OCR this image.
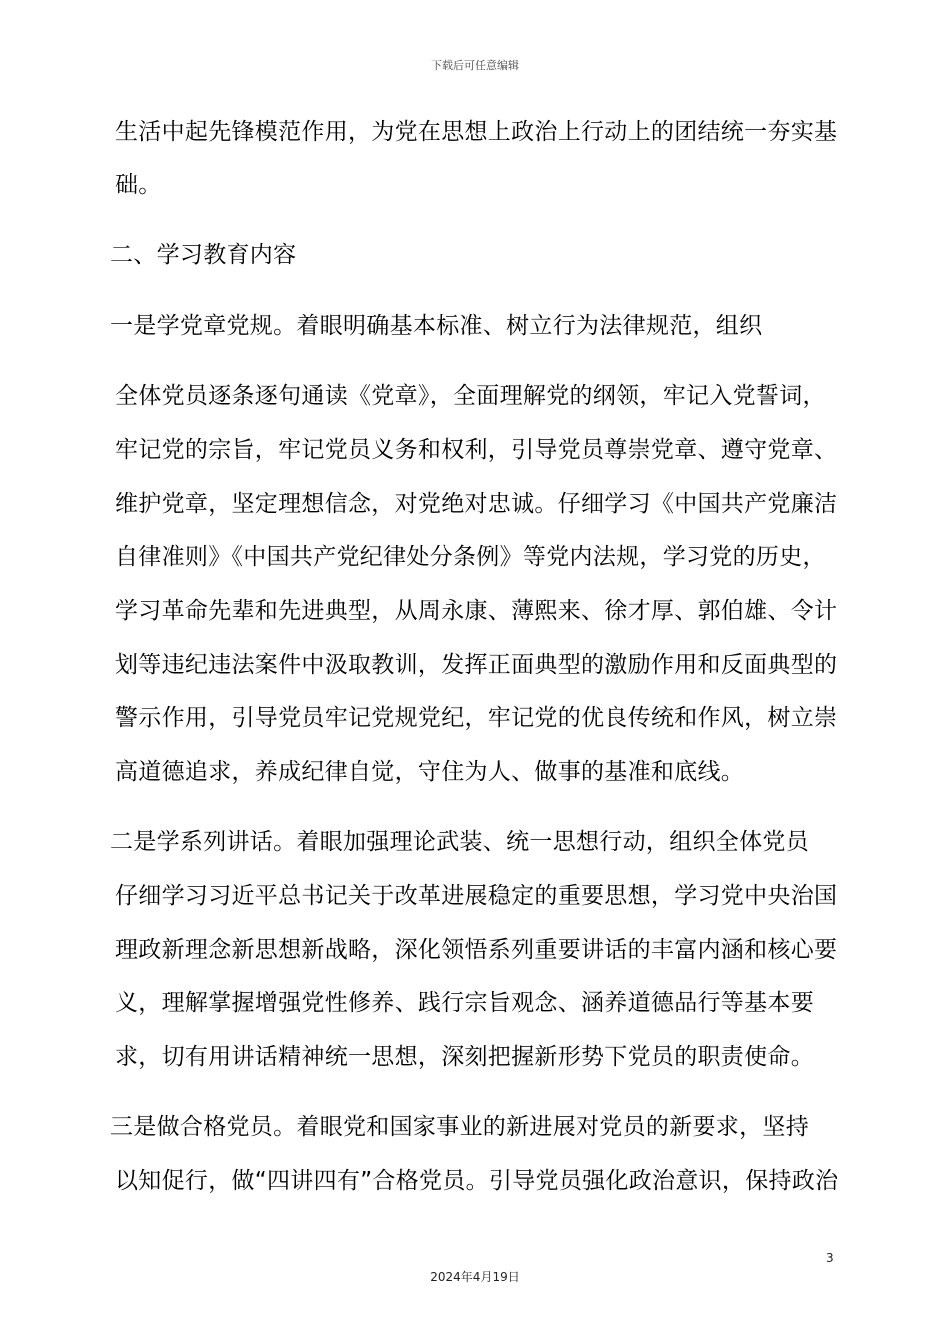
下载后可任意编辑
生活中起先锋模范作用，为党在思想上政治上行动上的团结统一夯实基
础。
二、学习教育内容
一是学党章党规。着眼明确基本标准、树立行为法律规范，组织
全体党员逐条逐句通读《党章》，全面理解党的纲领，牢记入党誓词，
牢记党的宗旨，牢记党员义务和权利，引导党员尊崇党章、遵守党章、
维护党章，坚定理想信念，对党绝对忠诚。仔细学习《中国共产党廉洁
自律准则》《中国共产党纪律处分条例》等党内法规，学习党的历史，
学习革命先辈和先进典型，从周永康、薄熙来、徐才厚、郭伯雄、令计
划等违纪违法案件中汲取教训，发挥正面典型的激励作用和反面典型的
警示作用，引导党员牢记党规党纪，牢记党的优良传统和作风，树立崇
高道德追求，养成纪律自觉，守住为人、做事的基准和底线。
二是学系列讲话。着眼加强理论武装、统一思想行动，组织全体党员
仔细学习习近平总书记关于改革进展稳定的重要思想，学习党中央治国
理政新理念新思想新战略，深化领悟系列重要讲话的丰富内涵和核心要
义，理解掌握增强党性修养、践行宗旨观念、涵养道德品行等基本要
求，切有用讲话精神统一思想，深刻把握新形势下党员的职责使命。
三是做合格党员。着眼党和国家事业的新进展对党员的新要求，坚持
以知促行，做“四讲四有”合格党员。引导党员强化政治意识，保持政治
3
2024年4月19日
